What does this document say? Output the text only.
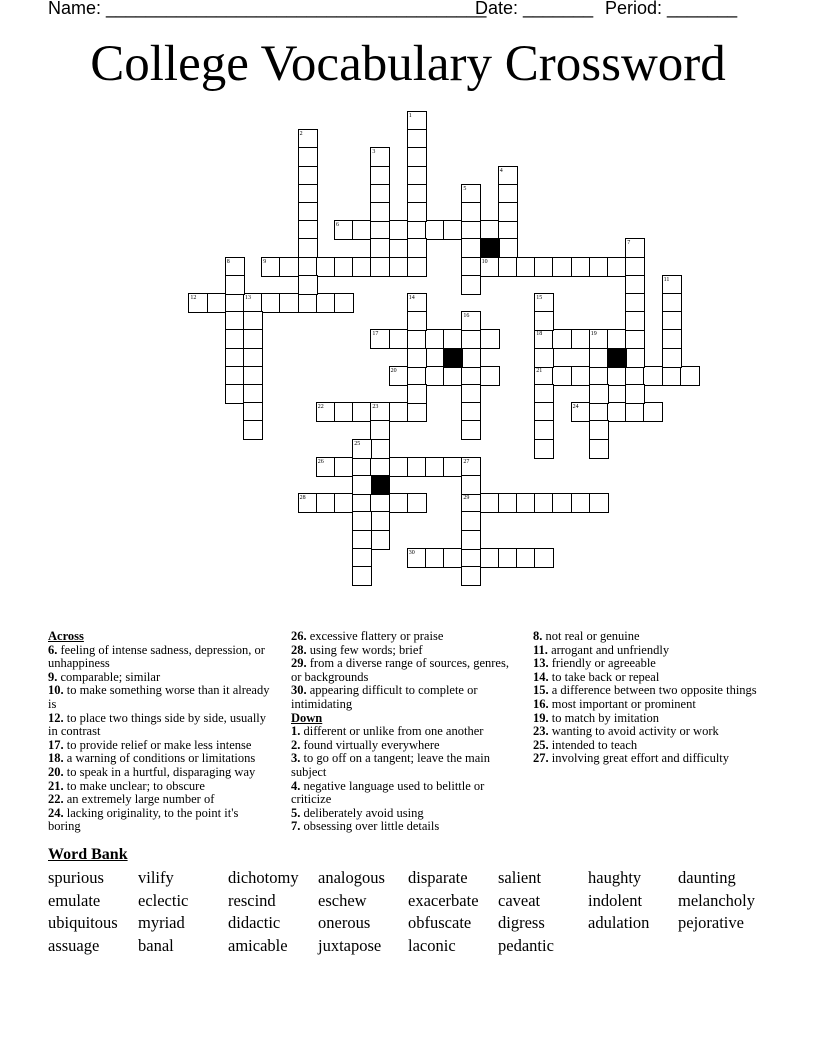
Name: ______________________________________
Date: _______ Period: _______
College Vocabulary Crossword
6
9	10
12
17	18
20	21
22	24
26
28	29
30
1
2
3
4
5
7
8
11
13	14	15
16
19
23
25
27

Across

6. feeling of intense sadness, depression, or unhappiness

9. comparable; similar

10. to make something worse than it already is

12. to place two things side by side, usually in contrast

17. to provide relief or make less intense

18. a warning of conditions or limitations

20. to speak in a hurtful, disparaging way

21. to make unclear; to obscure

22. an extremely large number of

24. lacking originality, to the point it's boring

26. excessive flattery or praise

28. using few words; brief

29. from a diverse range of sources, genres, or backgrounds

30. appearing difficult to complete or intimidating

Down

1. different or unlike from one another

2. found virtually everywhere

3. to go off on a tangent; leave the main subject

4. negative language used to belittle or criticize

5. deliberately avoid using

7. obsessing over little details

8. not real or genuine

11. arrogant and unfriendly

13. friendly or agreeable

14. to take back or repeal

15. a difference between two opposite things

16. most important or prominent

19. to match by imitation

23. wanting to avoid activity or work

25. intended to teach

27. involving great effort and difficulty

Word Bank
spurious vilify	dichotomy analogous disparate salient	haughty daunting
emulate eclectic rescind	eschew	exacerbate caveat	indolent melancholy
ubiquitous myriad	didactic onerous obfuscate digress	adulation pejorative
assuage banal	amicable juxtapose laconic	pedantic
